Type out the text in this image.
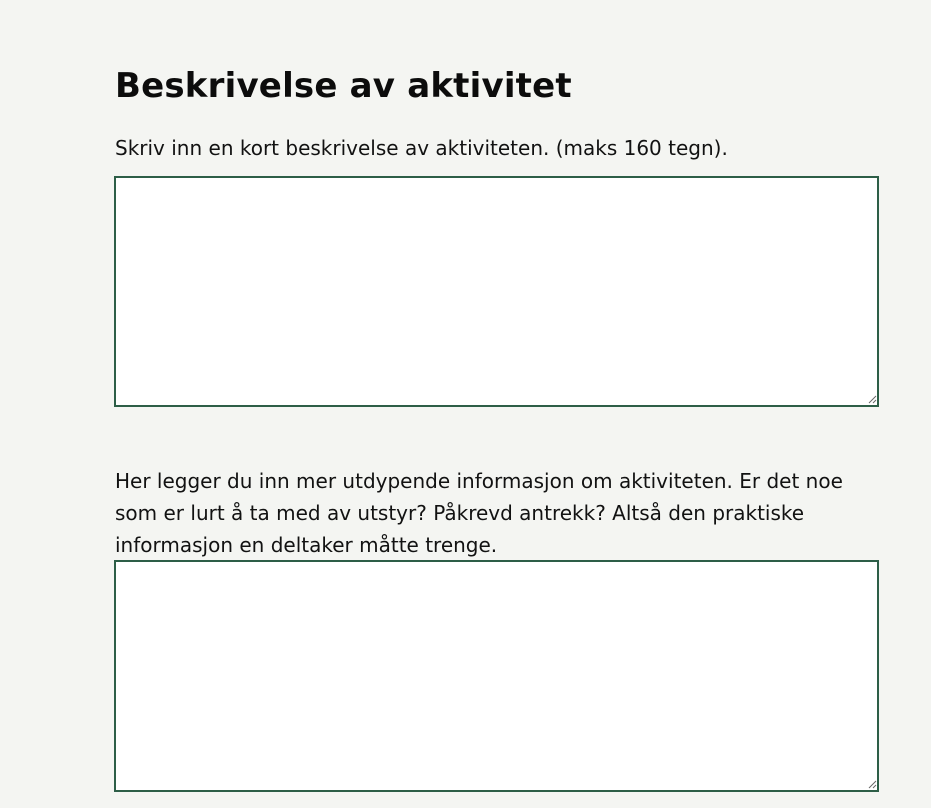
Beskrivelse av aktivitet

Skriv inn en kort beskrivelse av aktiviteten. (maks 160 tegn).

Her legger du inn mer utdypende informasjon om aktiviteten. Er det noe som er lurt å ta med av utstyr? Påkrevd antrekk? Altså den praktiske informasjon en deltaker måtte trenge.
